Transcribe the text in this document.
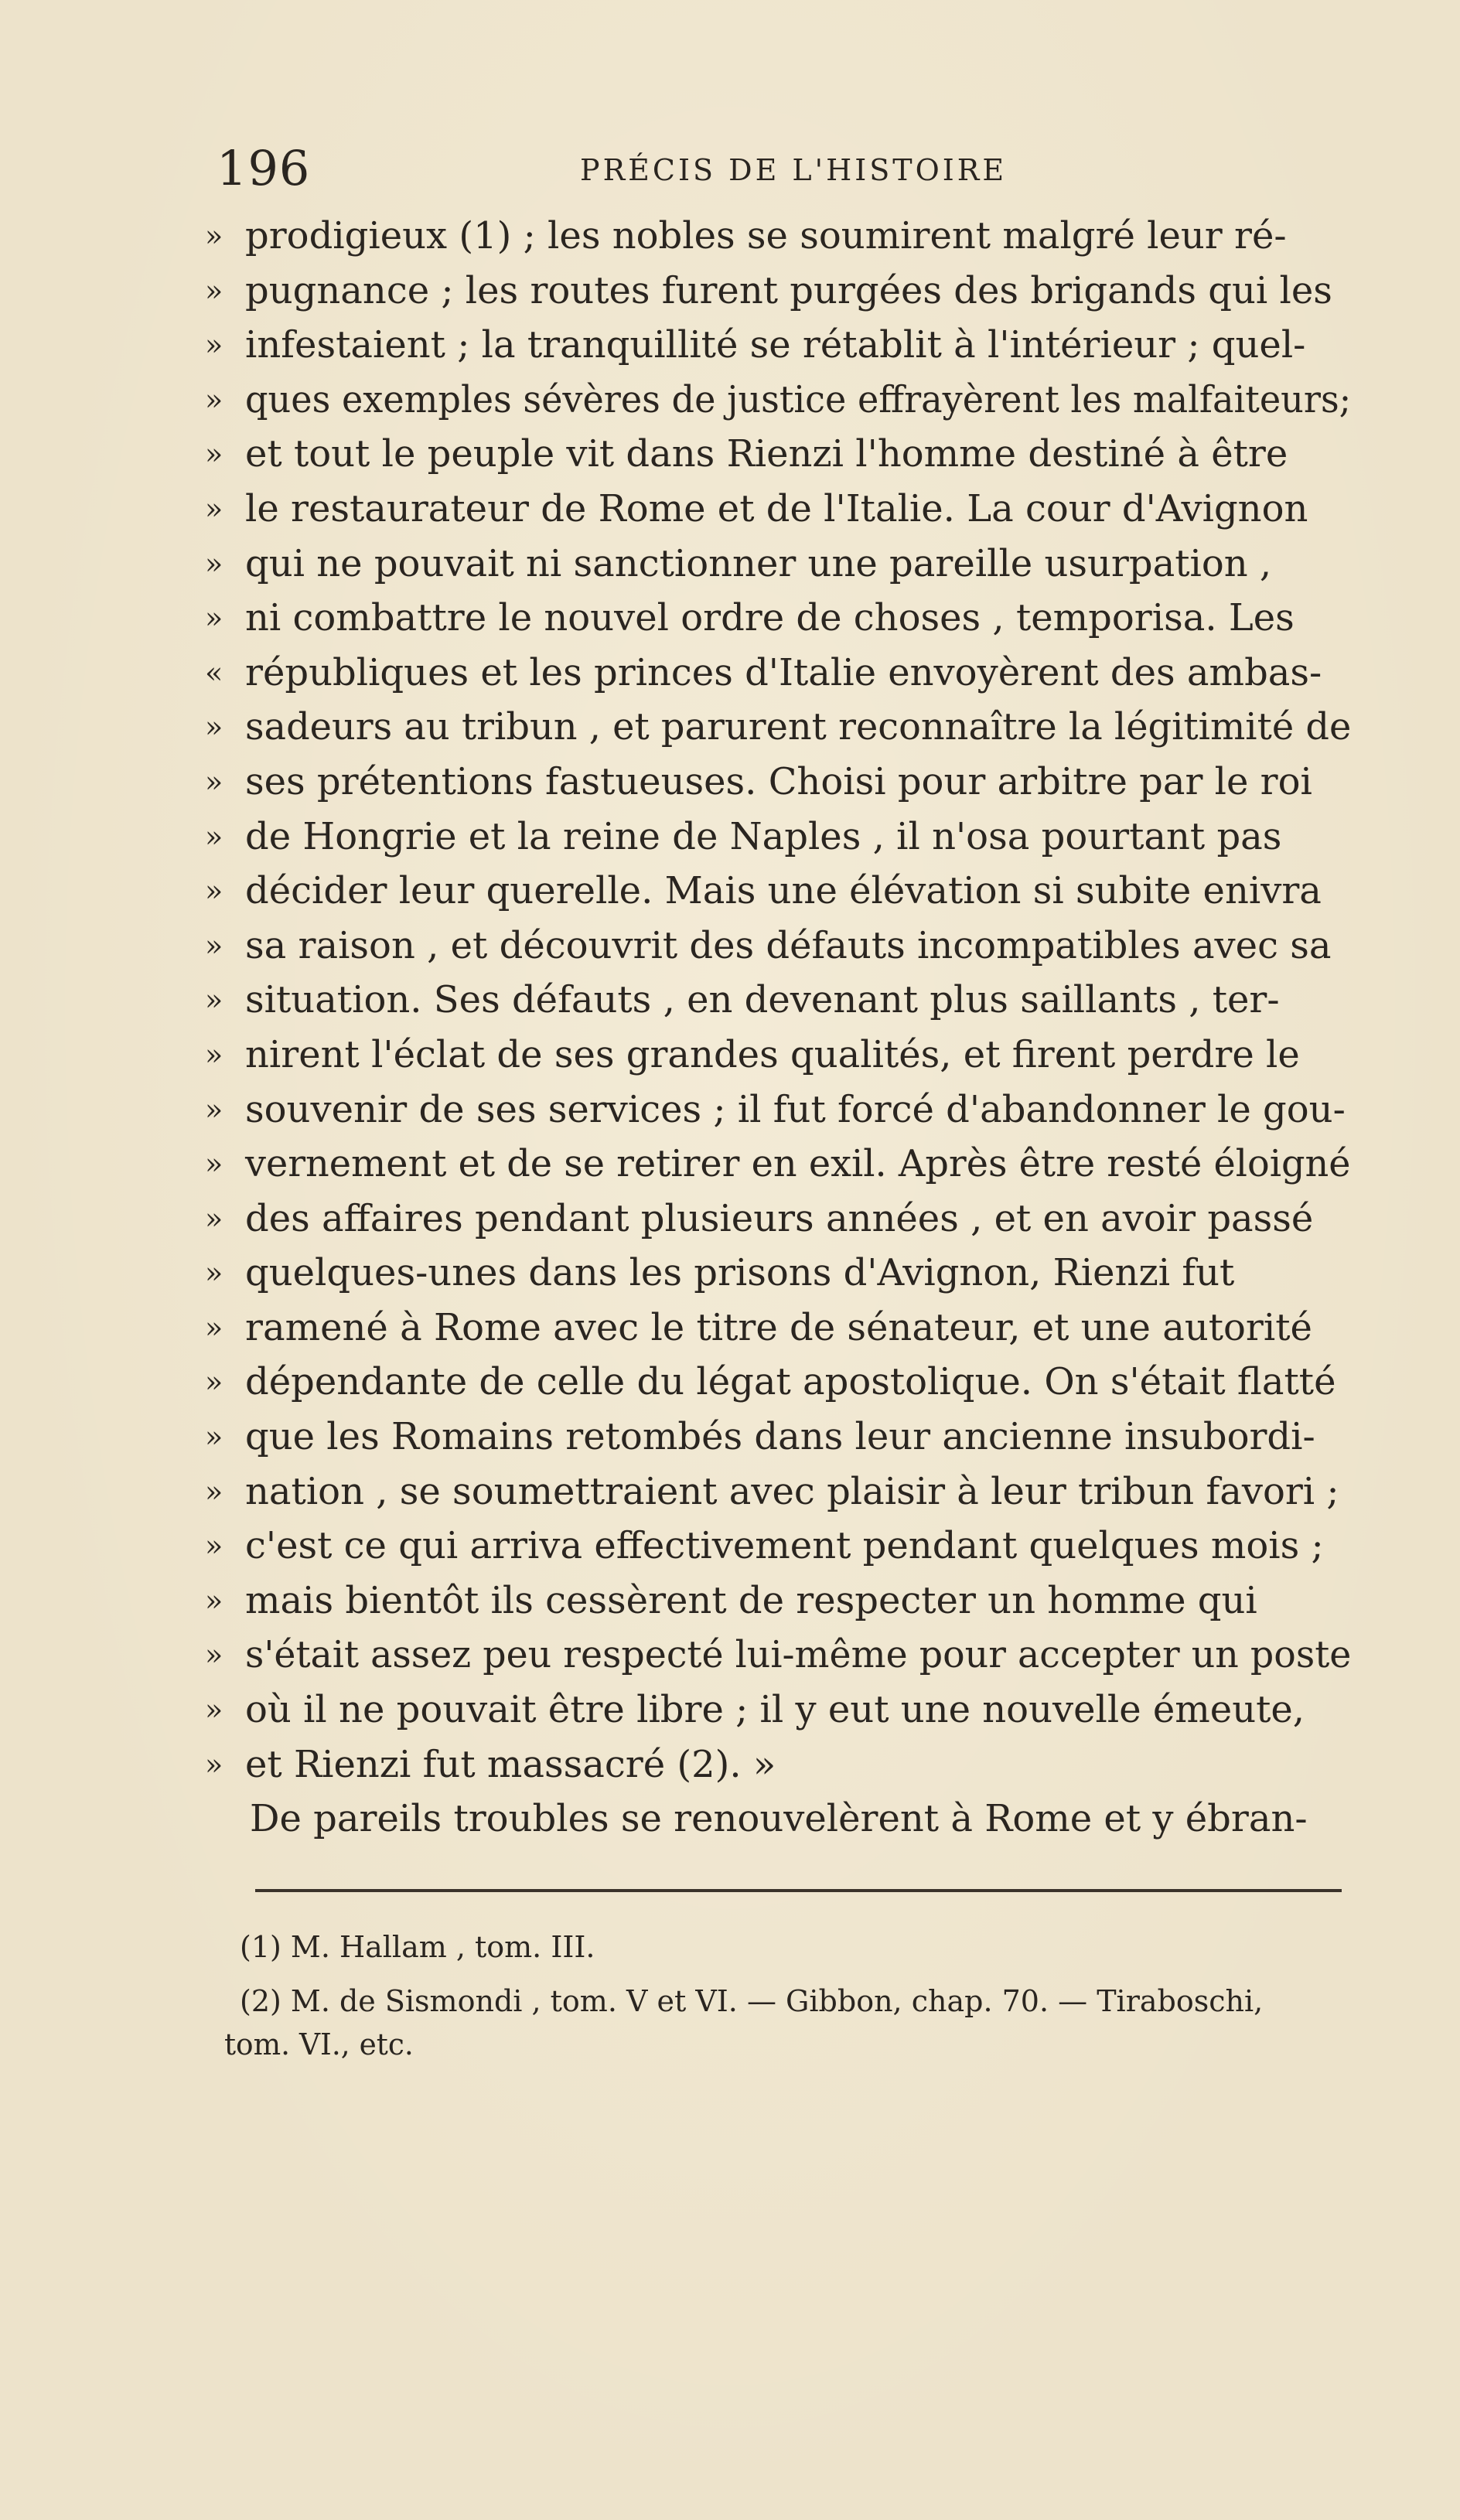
196	PRÉCIS DE L'HISTOIRE
» prodigieux (1) ; les nobles se soumirent malgré leur ré-
» pugnance ; les routes furent purgées des brigands qui les
» infestaient ; la tranquillité se rétablit à l'intérieur ; quel-
» ques exemples sévères de justice effrayèrent les malfaiteurs;
» et tout le peuple vit dans Rienzi l'homme destiné à être
» le restaurateur de Rome et de l'Italie. La cour d'Avignon
» qui ne pouvait ni sanctionner une pareille usurpation ,
» ni combattre le nouvel ordre de choses , temporisa. Les
« républiques et les princes d'Italie envoyèrent des ambas-
» sadeurs au tribun , et parurent reconnaître la légitimité de
» ses prétentions fastueuses. Choisi pour arbitre par le roi
» de Hongrie et la reine de Naples , il n'osa pourtant pas
» décider leur querelle. Mais une élévation si subite enivra
» sa raison , et découvrit des défauts incompatibles avec sa
» situation. Ses défauts , en devenant plus saillants , ter-
» nirent l'éclat de ses grandes qualités, et firent perdre le
» souvenir de ses services ; il fut forcé d'abandonner le gou-
» vernement et de se retirer en exil. Après être resté éloigné
» des affaires pendant plusieurs années , et en avoir passé
» quelques-unes dans les prisons d'Avignon, Rienzi fut
» ramené à Rome avec le titre de sénateur, et une autorité
» dépendante de celle du légat apostolique. On s'était flatté
» que les Romains retombés dans leur ancienne insubordi-
» nation , se soumettraient avec plaisir à leur tribun favori ;
» c'est ce qui arriva effectivement pendant quelques mois ;
» mais bientôt ils cessèrent de respecter un homme qui
» s'était assez peu respecté lui-même pour accepter un poste
» où il ne pouvait être libre ; il y eut une nouvelle émeute,
» et Rienzi fut massacré (2). »
De pareils troubles se renouvelèrent à Rome et y ébran-
(1) M. Hallam , tom. III.
(2) M. de Sismondi , tom. V et VI. — Gibbon, chap. 70. — Tiraboschi,
tom. VI., etc.
